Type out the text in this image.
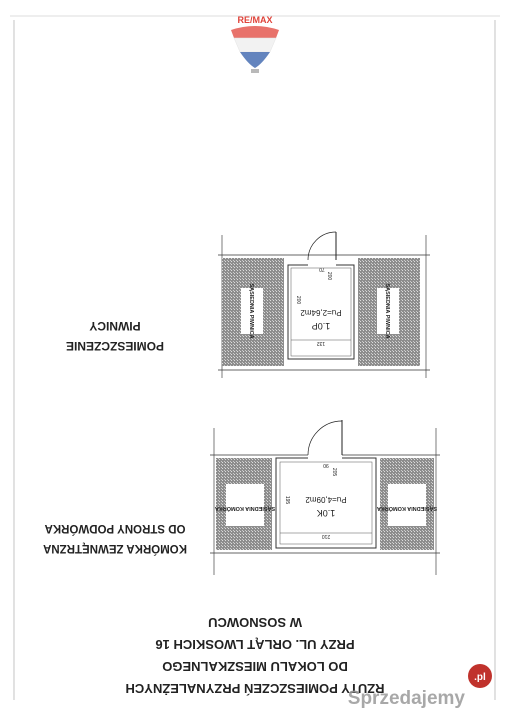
RE/MAX
1.0P
Pu=2,64m2
132
200
70
200
SĄSIEDNIA PIWNICA	SĄSIEDNIA PIWNICA
POMIESZCZENIE
PIWNICY
1.0K
Pu=4,09m2
210
195
90
205
SĄSIEDNIA KOMÓRKA	SĄSIEDNIA KOMÓRKA
KOMÓRKA ZEWNĘTRZNA
OD STRONY PODWÓRKA
RZUTY POMIESZCZEŃ PRZYNALEŻNYCH
DO LOKALU MIESZKALNEGO
PRZY UL. ORLĄT LWOSKICH 16
W SOSNOWCU
Sprzedajemy
.pl
